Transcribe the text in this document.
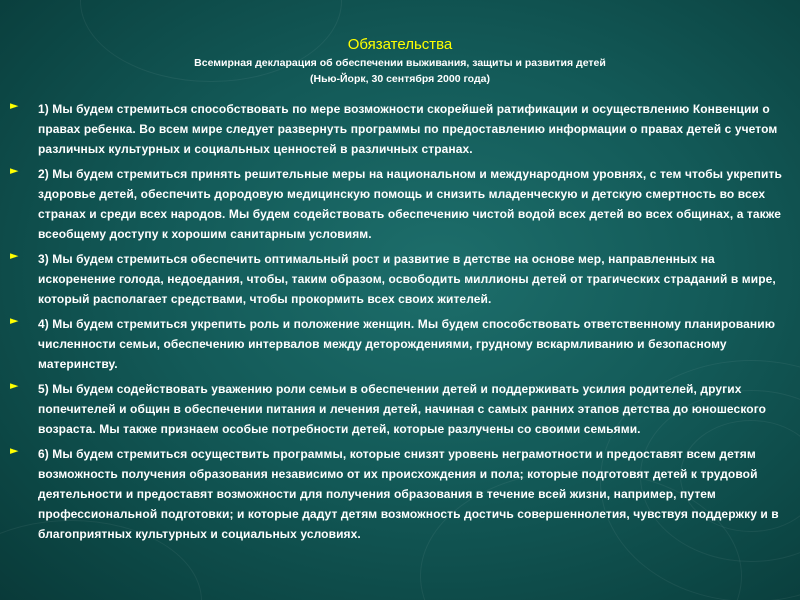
Обязательства
Всемирная декларация об обеспечении выживания, защиты и развития детей
(Нью-Йорк, 30 сентября 2000 года)
► 1) Мы будем стремиться способствовать по мере возможности скорейшей ратификации и осуществлению Конвенции о правах ребенка. Во всем мире следует развернуть программы по предоставлению информации о правах детей с учетом различных культурных и социальных ценностей в различных странах.
► 2) Мы будем стремиться принять решительные меры на национальном и международном уровнях, с тем чтобы укрепить здоровье детей, обеспечить дородовую медицинскую помощь и снизить младенческую и детскую смертность во всех странах и среди всех народов. Мы будем содействовать обеспечению чистой водой всех детей во всех общинах, а также всеобщему доступу к хорошим санитарным условиям.
► 3) Мы будем стремиться обеспечить оптимальный рост и развитие в детстве на основе мер, направленных на искоренение голода, недоедания, чтобы, таким образом, освободить миллионы детей от трагических страданий в мире, который располагает средствами, чтобы прокормить всех своих жителей.
► 4) Мы будем стремиться укрепить роль и положение женщин. Мы будем способствовать ответственному планированию численности семьи, обеспечению интервалов между деторождениями, грудному вскармливанию и безопасному материнству.
► 5) Мы будем содействовать уважению роли семьи в обеспечении детей и поддерживать усилия родителей, других попечителей и общин в обеспечении питания и лечения детей, начиная с самых ранних этапов детства до юношеского возраста. Мы также признаем особые потребности детей, которые разлучены со своими семьями.
► 6) Мы будем стремиться осуществить программы, которые снизят уровень неграмотности и предоставят всем детям возможность получения образования независимо от их происхождения и пола; которые подготовят детей к трудовой деятельности и предоставят возможности для получения образования в течение всей жизни, например, путем профессиональной подготовки; и которые дадут детям возможность достичь совершеннолетия, чувствуя поддержку и в благоприятных культурных и социальных условиях.
